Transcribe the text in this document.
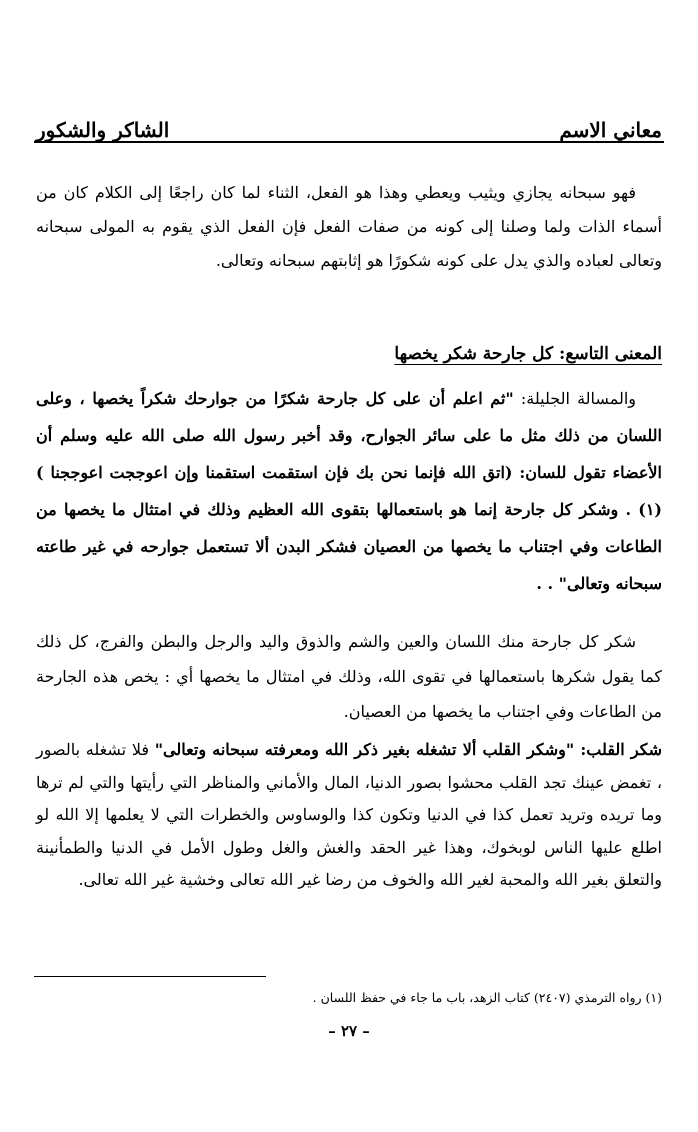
معاني الاسم
الشاكر والشكور

فهو سبحانه يجازي ويثيب ويعطي وهذا هو الفعل، الثناء لما كان راجعًا إلى الكلام كان من أسماء الذات ولما وصلنا إلى كونه من صفات الفعل فإن الفعل الذي يقوم به المولى سبحانه وتعالى لعباده والذي يدل على كونه شكورًا هو إثابتهم سبحانه وتعالى.

المعنى التاسع: كل جارحة شكر يخصها

والمسالة الجليلة: "ثم اعلم أن على كل جارحة شكرًا من جوارحك شكراً يخصها ، وعلى اللسان من ذلك مثل ما على سائر الجوارح، وقد أخبر رسول الله صلى الله عليه وسلم أن الأعضاء تقول للسان: (اتق الله فإنما نحن بك فإن استقمت استقمنا وإن اعوججت اعوججنا )(١) . وشكر كل جارحة إنما هو باستعمالها بتقوى الله العظيم وذلك في امتثال ما يخصها من الطاعات وفي اجتناب ما يخصها من العصيان فشكر البدن ألا تستعمل جوارحه في غير طاعته سبحانه وتعالى" . .

شكر كل جارحة منك اللسان والعين والشم والذوق واليد والرجل والبطن والفرج، كل ذلك كما يقول شكرها باستعمالها في تقوى الله، وذلك في امتثال ما يخصها أي : يخص هذه الجارحة من الطاعات وفي اجتناب ما يخصها من العصيان.

شكر القلب: "وشكر القلب ألا تشغله بغير ذكر الله ومعرفته سبحانه وتعالى" فلا تشغله بالصور ، تغمض عينك تجد القلب محشوا بصور الدنيا، المال والأماني والمناظر التي رأيتها والتي لم ترها وما تريده وتريد تعمل كذا في الدنيا وتكون كذا والوساوس والخطرات التي لا يعلمها إلا الله لو اطلع عليها الناس لوبخوك، وهذا غير الحقد والغش والغل وطول الأمل في الدنيا والطمأنينة والتعلق بغير الله والمحبة لغير الله والخوف من رضا غير الله تعالى وخشية غير الله تعالى.

(١) رواه الترمذي (٢٤٠٧) كتاب الزهد، باب ما جاء في حفظ اللسان .
– ٢٧ –
